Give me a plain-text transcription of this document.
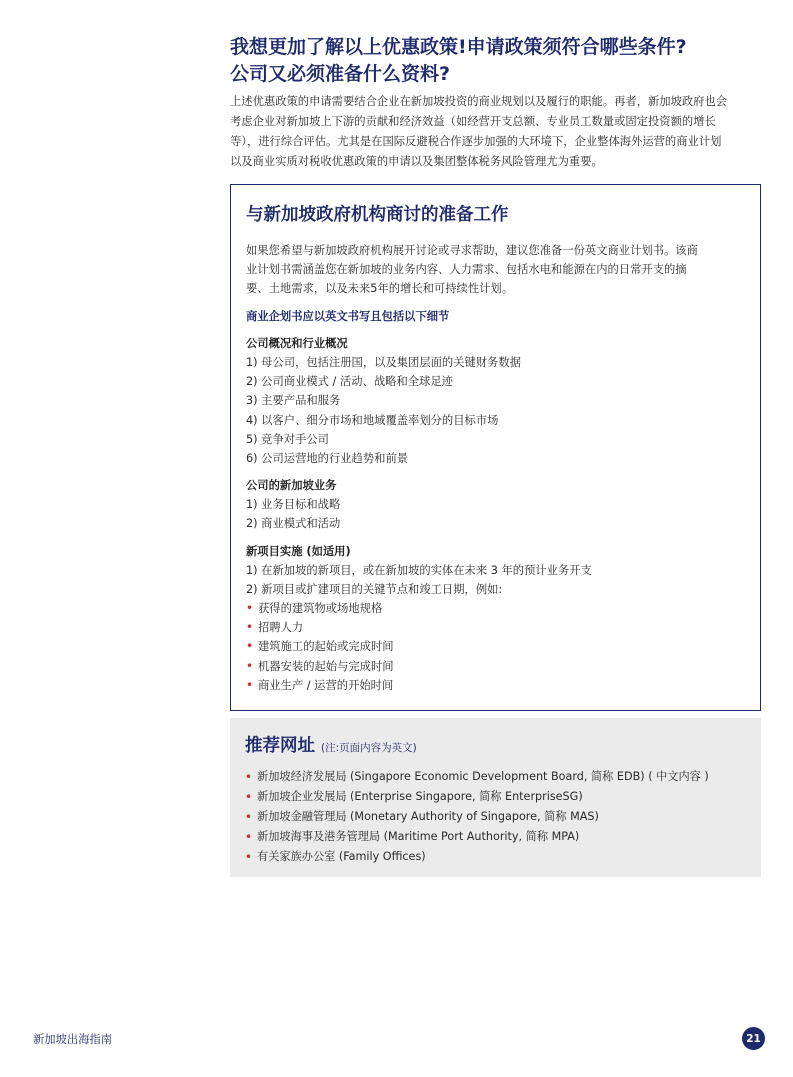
我想更加了解以上优惠政策!申请政策须符合哪些条件?
公司又必须准备什么资料?
上述优惠政策的申请需要结合企业在新加坡投资的商业规划以及履行的职能。再者，新加坡政府也会
考虑企业对新加坡上下游的贡献和经济效益（如经营开支总额、专业员工数量或固定投资额的增长
等），进行综合评估。尤其是在国际反避税合作逐步加强的大环境下，企业整体海外运营的商业计划
以及商业实质对税收优惠政策的申请以及集团整体税务风险管理尤为重要。
与新加坡政府机构商讨的准备工作
如果您希望与新加坡政府机构展开讨论或寻求帮助，建议您准备一份英文商业计划书。该商
业计划书需涵盖您在新加坡的业务内容、人力需求、包括水电和能源在内的日常开支的摘
要、土地需求，以及未来5年的增长和可持续性计划。
商业企划书应以英文书写且包括以下细节
公司概况和行业概况
1) 母公司，包括注册国，以及集团层面的关键财务数据
2) 公司商业模式 / 活动、战略和全球足迹
3) 主要产品和服务
4) 以客户、细分市场和地域覆盖率划分的目标市场
5) 竞争对手公司
6) 公司运营地的行业趋势和前景
公司的新加坡业务
1) 业务目标和战略
2) 商业模式和活动
新项目实施 (如适用)
1) 在新加坡的新项目，或在新加坡的实体在未来 3 年的预计业务开支
2) 新项目或扩建项目的关键节点和竣工日期，例如:
• 获得的建筑物或场地规格
• 招聘人力
• 建筑施工的起始或完成时间
• 机器安装的起始与完成时间
• 商业生产 / 运营的开始时间
推荐网址 (注:页面内容为英文)
• 新加坡经济发展局 (Singapore Economic Development Board, 简称 EDB) ( 中文内容 )
• 新加坡企业发展局 (Enterprise Singapore, 简称 EnterpriseSG)
• 新加坡金融管理局 (Monetary Authority of Singapore, 简称 MAS)
• 新加坡海事及港务管理局 (Maritime Port Authority, 简称 MPA)
• 有关家族办公室 (Family Offices)
新加坡出海指南	21
